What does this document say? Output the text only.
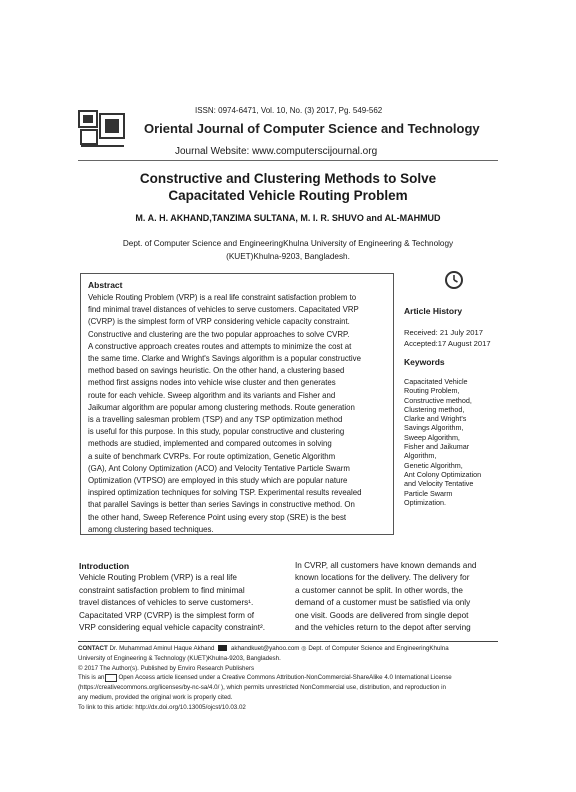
ISSN: 0974-6471, Vol. 10, No. (3) 2017, Pg. 549-562
Oriental Journal of Computer Science and Technology
Journal Website: www.computerscijournal.org
Constructive and Clustering Methods to Solve
Capacitated Vehicle Routing Problem
M. A. H. AKHAND,TANZIMA SULTANA, M. I. R. SHUVO and AL-MAHMUD
Dept. of Computer Science and EngineeringKhulna University of Engineering & Technology
(KUET)Khulna-9203, Bangladesh.
Abstract
Vehicle Routing Problem (VRP) is a real life constraint satisfaction problem to
find minimal travel distances of vehicles to serve customers. Capacitated VRP
(CVRP) is the simplest form of VRP considering vehicle capacity constraint.
Constructive and clustering are the two popular approaches to solve CVRP.
A constructive approach creates routes and attempts to minimize the cost at
the same time. Clarke and Wright's Savings algorithm is a popular constructive
method based on savings heuristic. On the other hand, a clustering based
method first assigns nodes into vehicle wise cluster and then generates
route for each vehicle. Sweep algorithm and its variants and Fisher and
Jaikumar algorithm are popular among clustering methods. Route generation
is a travelling salesman problem (TSP) and any TSP optimization method
is useful for this purpose. In this study, popular constructive and clustering
methods are studied, implemented and compared outcomes in solving
a suite of benchmark CVRPs. For route optimization, Genetic Algorithm
(GA), Ant Colony Optimization (ACO) and Velocity Tentative Particle Swarm
Optimization (VTPSO) are employed in this study which are popular nature
inspired optimization techniques for solving TSP. Experimental results revealed
that parallel Savings is better than series Savings in constructive method. On
the other hand, Sweep Reference Point using every stop (SRE) is the best
among clustering based techniques.
Article History
Received: 21 July 2017
Accepted:17 August 2017
Keywords
Capacitated Vehicle
Routing Problem,
Constructive method,
Clustering method,
Clarke and Wright's
Savings Algorithm,
Sweep Algorithm,
Fisher and Jaikumar
Algorithm,
Genetic Algorithm,
Ant Colony Optimization
and Velocity Tentative
Particle Swarm
Optimization.
Introduction
Vehicle Routing Problem (VRP) is a real life
constraint satisfaction problem to find minimal
travel distances of vehicles to serve customers¹.
Capacitated VRP (CVRP) is the simplest form of
VRP considering equal vehicle capacity constraint².
In CVRP, all customers have known demands and
known locations for the delivery. The delivery for
a customer cannot be split. In other words, the
demand of a customer must be satisfied via only
one visit. Goods are delivered from single depot
and the vehicles return to the depot after serving
CONTACT Dr. Muhammad Aminul Haque Akhand	akhandkuet@yahoo.com ◎ Dept. of Computer Science and EngineeringKhulna
University of Engineering & Technology (KUET)Khulna-9203, Bangladesh.
© 2017 The Author(s). Published by Enviro Research Publishers
This is an Open Access article licensed under a Creative Commons Attribution-NonCommercial-ShareAlike 4.0 International License
(https://creativecommons.org/licenses/by-nc-sa/4.0/ ), which permits unrestricted NonCommercial use, distribution, and reproduction in
any medium, provided the original work is properly cited.
To link to this article: http://dx.doi.org/10.13005/ojcst/10.03.02
